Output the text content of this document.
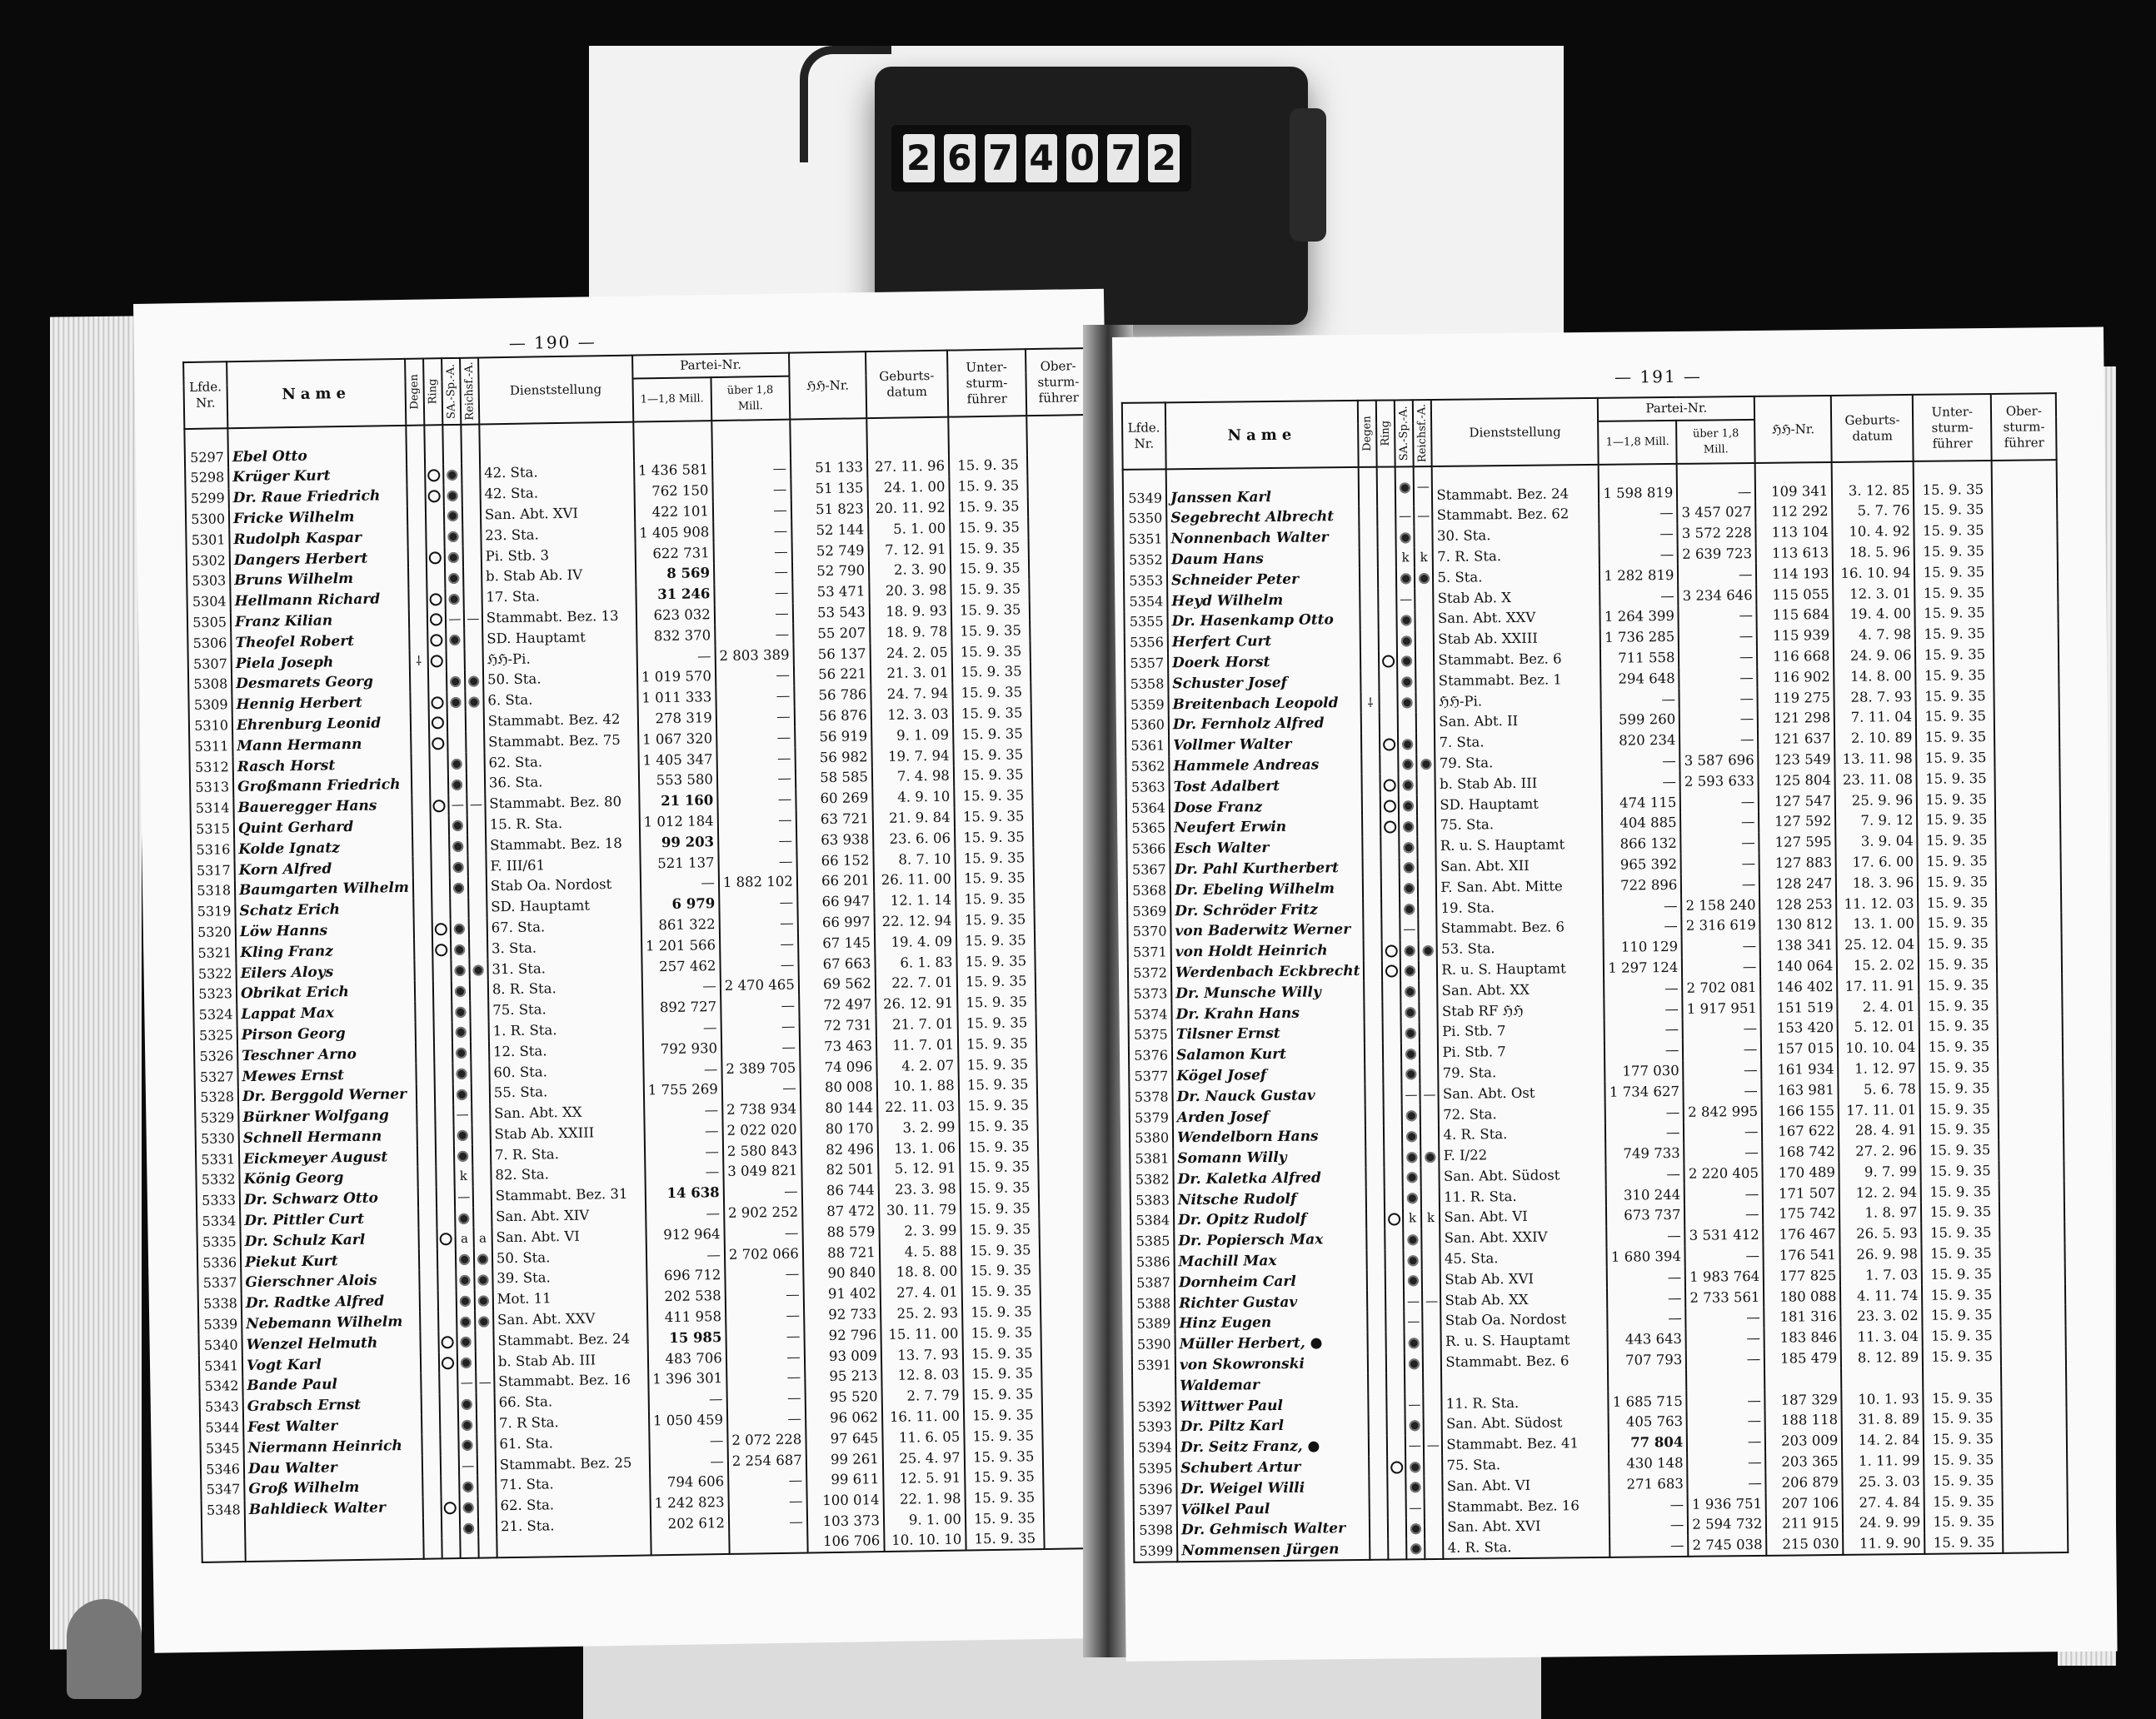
2 6 7 4 0 7 2
— 190 —
Lfde. Nr.	Name	Degen	Ring	SA.-Sp.-A.	Reichsf.-A.	Dienststellung	Partei-Nr.		ℌℌ-Nr.	Geburts-datum	Unter-sturm-führer	Ober-sturm-führer
							1—1,8 Mill.	über 1,8 Mill.				
5297	Ebel Otto											
5298	Krüger Kurt					42. Sta.	1 436 581	—	51 133	27. 11. 96	15. 9. 35	
5299	Dr. Raue Friedrich					42. Sta.	762 150	—	51 135	24. 1. 00	15. 9. 35	
5300	Fricke Wilhelm					San. Abt. XVI	422 101	—	51 823	20. 11. 92	15. 9. 35	
5301	Rudolph Kaspar					23. Sta.	1 405 908	—	52 144	5. 1. 00	15. 9. 35	
5302	Dangers Herbert					Pi. Stb. 3	622 731	—	52 749	7. 12. 91	15. 9. 35	
5303	Bruns Wilhelm					b. Stab Ab. IV	8 569	—	52 790	2. 3. 90	15. 9. 35	
5304	Hellmann Richard					17. Sta.	31 246	—	53 471	20. 3. 98	15. 9. 35	
5305	Franz Kilian			—	—	Stammabt. Bez. 13	623 032	—	53 543	18. 9. 93	15. 9. 35	
5306	Theofel Robert					SD. Hauptamt	832 370	—	55 207	18. 9. 78	15. 9. 35	
5307	Piela Joseph	⸸				ℌℌ-Pi.	—	2 803 389	56 137	24. 2. 05	15. 9. 35	
5308	Desmarets Georg					50. Sta.	1 019 570	—	56 221	21. 3. 01	15. 9. 35	
5309	Hennig Herbert					6. Sta.	1 011 333	—	56 786	24. 7. 94	15. 9. 35	
5310	Ehrenburg Leonid					Stammabt. Bez. 42	278 319	—	56 876	12. 3. 03	15. 9. 35	
5311	Mann Hermann					Stammabt. Bez. 75	1 067 320	—	56 919	9. 1. 09	15. 9. 35	
5312	Rasch Horst					62. Sta.	1 405 347	—	56 982	19. 7. 94	15. 9. 35	
5313	Großmann Friedrich					36. Sta.	553 580	—	58 585	7. 4. 98	15. 9. 35	
5314	Baueregger Hans			—	—	Stammabt. Bez. 80	21 160	—	60 269	4. 9. 10	15. 9. 35	
5315	Quint Gerhard					15. R. Sta.	1 012 184	—	63 721	21. 9. 84	15. 9. 35	
5316	Kolde Ignatz					Stammabt. Bez. 18	99 203	—	63 938	23. 6. 06	15. 9. 35	
5317	Korn Alfred					F. III/61	521 137	—	66 152	8. 7. 10	15. 9. 35	
5318	Baumgarten Wilhelm					Stab Oa. Nordost	—	1 882 102	66 201	26. 11. 00	15. 9. 35	
5319	Schatz Erich					SD. Hauptamt	6 979	—	66 947	12. 1. 14	15. 9. 35	
5320	Löw Hanns					67. Sta.	861 322	—	66 997	22. 12. 94	15. 9. 35	
5321	Kling Franz					3. Sta.	1 201 566	—	67 145	19. 4. 09	15. 9. 35	
5322	Eilers Aloys					31. Sta.	257 462	—	67 663	6. 1. 83	15. 9. 35	
5323	Obrikat Erich					8. R. Sta.	—	2 470 465	69 562	22. 7. 01	15. 9. 35	
5324	Lappat Max					75. Sta.	892 727	—	72 497	26. 12. 91	15. 9. 35	
5325	Pirson Georg					1. R. Sta.	—	—	72 731	21. 7. 01	15. 9. 35	
5326	Teschner Arno					12. Sta.	792 930	—	73 463	11. 7. 01	15. 9. 35	
5327	Mewes Ernst					60. Sta.	—	2 389 705	74 096	4. 2. 07	15. 9. 35	
5328	Dr. Berggold Werner					55. Sta.	1 755 269	—	80 008	10. 1. 88	15. 9. 35	
5329	Bürkner Wolfgang			—		San. Abt. XX	—	2 738 934	80 144	22. 11. 03	15. 9. 35	
5330	Schnell Hermann					Stab Ab. XXIII	—	2 022 020	80 170	3. 2. 99	15. 9. 35	
5331	Eickmeyer August					7. R. Sta.	—	2 580 843	82 496	13. 1. 06	15. 9. 35	
5332	König Georg			k		82. Sta.	—	3 049 821	82 501	5. 12. 91	15. 9. 35	
5333	Dr. Schwarz Otto			—		Stammabt. Bez. 31	14 638	—	86 744	23. 3. 98	15. 9. 35	
5334	Dr. Pittler Curt					San. Abt. XIV	—	2 902 252	87 472	30. 11. 79	15. 9. 35	
5335	Dr. Schulz Karl			a	a	San. Abt. VI	912 964	—	88 579	2. 3. 99	15. 9. 35	
5336	Piekut Kurt					50. Sta.	—	2 702 066	88 721	4. 5. 88	15. 9. 35	
5337	Gierschner Alois					39. Sta.	696 712	—	90 840	18. 8. 00	15. 9. 35	
5338	Dr. Radtke Alfred					Mot. 11	202 538	—	91 402	27. 4. 01	15. 9. 35	
5339	Nebemann Wilhelm					San. Abt. XXV	411 958	—	92 733	25. 2. 93	15. 9. 35	
5340	Wenzel Helmuth					Stammabt. Bez. 24	15 985	—	92 796	15. 11. 00	15. 9. 35	
5341	Vogt Karl					b. Stab Ab. III	483 706	—	93 009	13. 7. 93	15. 9. 35	
5342	Bande Paul			—	—	Stammabt. Bez. 16	1 396 301	—	95 213	12. 8. 03	15. 9. 35	
5343	Grabsch Ernst					66. Sta.	—	—	95 520	2. 7. 79	15. 9. 35	
5344	Fest Walter					7. R Sta.	1 050 459	—	96 062	16. 11. 00	15. 9. 35	
5345	Niermann Heinrich					61. Sta.	—	2 072 228	97 645	11. 6. 05	15. 9. 35	
5346	Dau Walter			—		Stammabt. Bez. 25	—	2 254 687	99 261	25. 4. 97	15. 9. 35	
5347	Groß Wilhelm					71. Sta.	794 606	—	99 611	12. 5. 91	15. 9. 35	
5348	Bahldieck Walter					62. Sta.	1 242 823	—	100 014	22. 1. 98	15. 9. 35	
						21. Sta.	202 612	—	103 373	9. 1. 00	15. 9. 35	
									106 706	10. 10. 10	15. 9. 35	
— 191 —
Lfde. Nr.	Name	Degen	Ring	SA.-Sp.-A.	Reichsf.-A.	Dienststellung	Partei-Nr.		ℌℌ-Nr.	Geburts-datum	Unter-sturm-führer	Ober-sturm-führer
							1—1,8 Mill.	über 1,8 Mill.				
5349	Janssen Karl				—	Stammabt. Bez. 24	1 598 819	—	109 341	3. 12. 85	15. 9. 35	
5350	Segebrecht Albrecht			—	—	Stammabt. Bez. 62	—	3 457 027	112 292	5. 7. 76	15. 9. 35	
5351	Nonnenbach Walter					30. Sta.	—	3 572 228	113 104	10. 4. 92	15. 9. 35	
5352	Daum Hans			k	k	7. R. Sta.	—	2 639 723	113 613	18. 5. 96	15. 9. 35	
5353	Schneider Peter					5. Sta.	1 282 819	—	114 193	16. 10. 94	15. 9. 35	
5354	Heyd Wilhelm			—		Stab Ab. X	—	3 234 646	115 055	12. 3. 01	15. 9. 35	
5355	Dr. Hasenkamp Otto					San. Abt. XXV	1 264 399	—	115 684	19. 4. 00	15. 9. 35	
5356	Herfert Curt					Stab Ab. XXIII	1 736 285	—	115 939	4. 7. 98	15. 9. 35	
5357	Doerk Horst					Stammabt. Bez. 6	711 558	—	116 668	24. 9. 06	15. 9. 35	
5358	Schuster Josef					Stammabt. Bez. 1	294 648	—	116 902	14. 8. 00	15. 9. 35	
5359	Breitenbach Leopold	⸸				ℌℌ-Pi.	—	—	119 275	28. 7. 93	15. 9. 35	
5360	Dr. Fernholz Alfred					San. Abt. II	599 260	—	121 298	7. 11. 04	15. 9. 35	
5361	Vollmer Walter					7. Sta.	820 234	—	121 637	2. 10. 89	15. 9. 35	
5362	Hammele Andreas					79. Sta.	—	3 587 696	123 549	13. 11. 98	15. 9. 35	
5363	Tost Adalbert					b. Stab Ab. III	—	2 593 633	125 804	23. 11. 08	15. 9. 35	
5364	Dose Franz					SD. Hauptamt	474 115	—	127 547	25. 9. 96	15. 9. 35	
5365	Neufert Erwin					75. Sta.	404 885	—	127 592	7. 9. 12	15. 9. 35	
5366	Esch Walter					R. u. S. Hauptamt	866 132	—	127 595	3. 9. 04	15. 9. 35	
5367	Dr. Pahl Kurtherbert					San. Abt. XII	965 392	—	127 883	17. 6. 00	15. 9. 35	
5368	Dr. Ebeling Wilhelm					F. San. Abt. Mitte	722 896	—	128 247	18. 3. 96	15. 9. 35	
5369	Dr. Schröder Fritz					19. Sta.	—	2 158 240	128 253	11. 12. 03	15. 9. 35	
5370	von Baderwitz Werner			—		Stammabt. Bez. 6	—	2 316 619	130 812	13. 1. 00	15. 9. 35	
5371	von Holdt Heinrich					53. Sta.	110 129	—	138 341	25. 12. 04	15. 9. 35	
5372	Werdenbach Eckbrecht					R. u. S. Hauptamt	1 297 124	—	140 064	15. 2. 02	15. 9. 35	
5373	Dr. Munsche Willy					San. Abt. XX	—	2 702 081	146 402	17. 11. 91	15. 9. 35	
5374	Dr. Krahn Hans					Stab RF ℌℌ	—	1 917 951	151 519	2. 4. 01	15. 9. 35	
5375	Tilsner Ernst					Pi. Stb. 7	—	—	153 420	5. 12. 01	15. 9. 35	
5376	Salamon Kurt					Pi. Stb. 7	—	—	157 015	10. 10. 04	15. 9. 35	
5377	Kögel Josef					79. Sta.	177 030	—	161 934	1. 12. 97	15. 9. 35	
5378	Dr. Nauck Gustav			—	—	San. Abt. Ost	1 734 627	—	163 981	5. 6. 78	15. 9. 35	
5379	Arden Josef					72. Sta.	—	2 842 995	166 155	17. 11. 01	15. 9. 35	
5380	Wendelborn Hans					4. R. Sta.	—	—	167 622	28. 4. 91	15. 9. 35	
5381	Somann Willy					F. I/22	749 733	—	168 742	27. 2. 96	15. 9. 35	
5382	Dr. Kaletka Alfred					San. Abt. Südost	—	2 220 405	170 489	9. 7. 99	15. 9. 35	
5383	Nitsche Rudolf					11. R. Sta.	310 244	—	171 507	12. 2. 94	15. 9. 35	
5384	Dr. Opitz Rudolf			k	k	San. Abt. VI	673 737	—	175 742	1. 8. 97	15. 9. 35	
5385	Dr. Popiersch Max					San. Abt. XXIV	—	3 531 412	176 467	26. 5. 93	15. 9. 35	
5386	Machill Max					45. Sta.	1 680 394	—	176 541	26. 9. 98	15. 9. 35	
5387	Dornheim Carl					Stab Ab. XVI	—	1 983 764	177 825	1. 7. 03	15. 9. 35	
5388	Richter Gustav			—	—	Stab Ab. XX	—	2 733 561	180 088	4. 11. 74	15. 9. 35	
5389	Hinz Eugen			—		Stab Oa. Nordost	—	—	181 316	23. 3. 02	15. 9. 35	
5390	Müller Herbert, ●					R. u. S. Hauptamt	443 643	—	183 846	11. 3. 04	15. 9. 35	
5391	von Skowronski					Stammabt. Bez. 6	707 793	—	185 479	8. 12. 89	15. 9. 35	
	Waldemar											
5392	Wittwer Paul			—		11. R. Sta.	1 685 715	—	187 329	10. 1. 93	15. 9. 35	
5393	Dr. Piltz Karl					San. Abt. Südost	405 763	—	188 118	31. 8. 89	15. 9. 35	
5394	Dr. Seitz Franz, ●			—	—	Stammabt. Bez. 41	77 804	—	203 009	14. 2. 84	15. 9. 35	
5395	Schubert Artur					75. Sta.	430 148	—	203 365	1. 11. 99	15. 9. 35	
5396	Dr. Weigel Willi					San. Abt. VI	271 683	—	206 879	25. 3. 03	15. 9. 35	
5397	Völkel Paul			—		Stammabt. Bez. 16	—	1 936 751	207 106	27. 4. 84	15. 9. 35	
5398	Dr. Gehmisch Walter					San. Abt. XVI	—	2 594 732	211 915	24. 9. 99	15. 9. 35	
5399	Nommensen Jürgen					4. R. Sta.	—	2 745 038	215 030	11. 9. 90	15. 9. 35	
